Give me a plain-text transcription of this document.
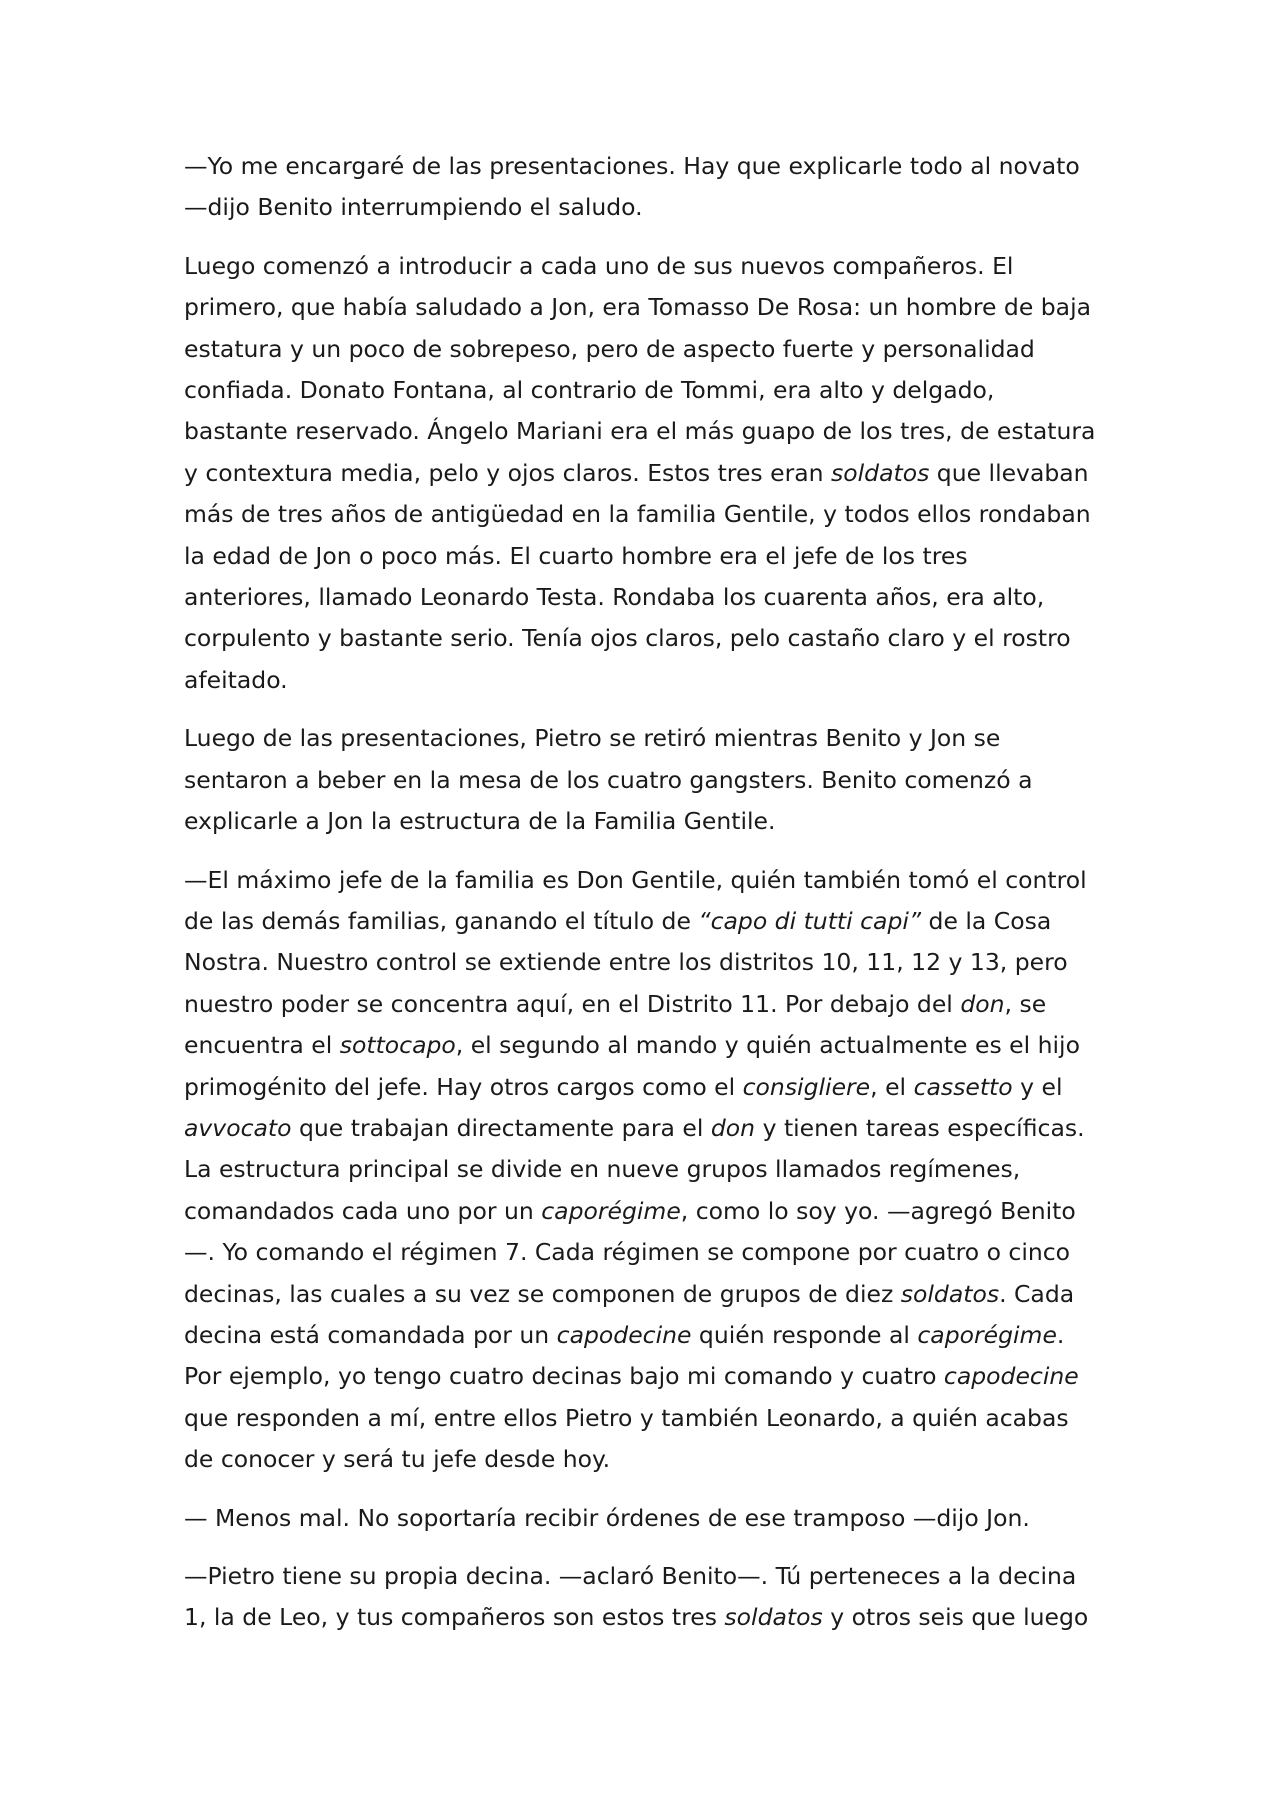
—Yo me encargaré de las presentaciones. Hay que explicarle todo al novato —dijo Benito interrumpiendo el saludo.

Luego comenzó a introducir a cada uno de sus nuevos compañeros. El primero, que había saludado a Jon, era Tomasso De Rosa: un hombre de baja estatura y un poco de sobrepeso, pero de aspecto fuerte y personalidad confiada. Donato Fontana, al contrario de Tommi, era alto y delgado, bastante reservado. Ángelo Mariani era el más guapo de los tres, de estatura y contextura media, pelo y ojos claros. Estos tres eran soldatos que llevaban más de tres años de antigüedad en la familia Gentile, y todos ellos rondaban la edad de Jon o poco más. El cuarto hombre era el jefe de los tres anteriores, llamado Leonardo Testa. Rondaba los cuarenta años, era alto, corpulento y bastante serio. Tenía ojos claros, pelo castaño claro y el rostro afeitado.

Luego de las presentaciones, Pietro se retiró mientras Benito y Jon se sentaron a beber en la mesa de los cuatro gangsters. Benito comenzó a explicarle a Jon la estructura de la Familia Gentile.

—El máximo jefe de la familia es Don Gentile, quién también tomó el control de las demás familias, ganando el título de “capo di tutti capi” de la Cosa Nostra. Nuestro control se extiende entre los distritos 10, 11, 12 y 13, pero nuestro poder se concentra aquí, en el Distrito 11. Por debajo del don, se encuentra el sottocapo, el segundo al mando y quién actualmente es el hijo primogénito del jefe. Hay otros cargos como el consigliere, el cassetto y el avvocato que trabajan directamente para el don y tienen tareas específicas. La estructura principal se divide en nueve grupos llamados regímenes, comandados cada uno por un caporégime, como lo soy yo. —agregó Benito —. Yo comando el régimen 7. Cada régimen se compone por cuatro o cinco decinas, las cuales a su vez se componen de grupos de diez soldatos. Cada decina está comandada por un capodecine quién responde al caporégime. Por ejemplo, yo tengo cuatro decinas bajo mi comando y cuatro capodecine que responden a mí, entre ellos Pietro y también Leonardo, a quién acabas de conocer y será tu jefe desde hoy.

— Menos mal. No soportaría recibir órdenes de ese tramposo —dijo Jon.

—Pietro tiene su propia decina. —aclaró Benito—. Tú perteneces a la decina 1, la de Leo, y tus compañeros son estos tres soldatos y otros seis que luego
